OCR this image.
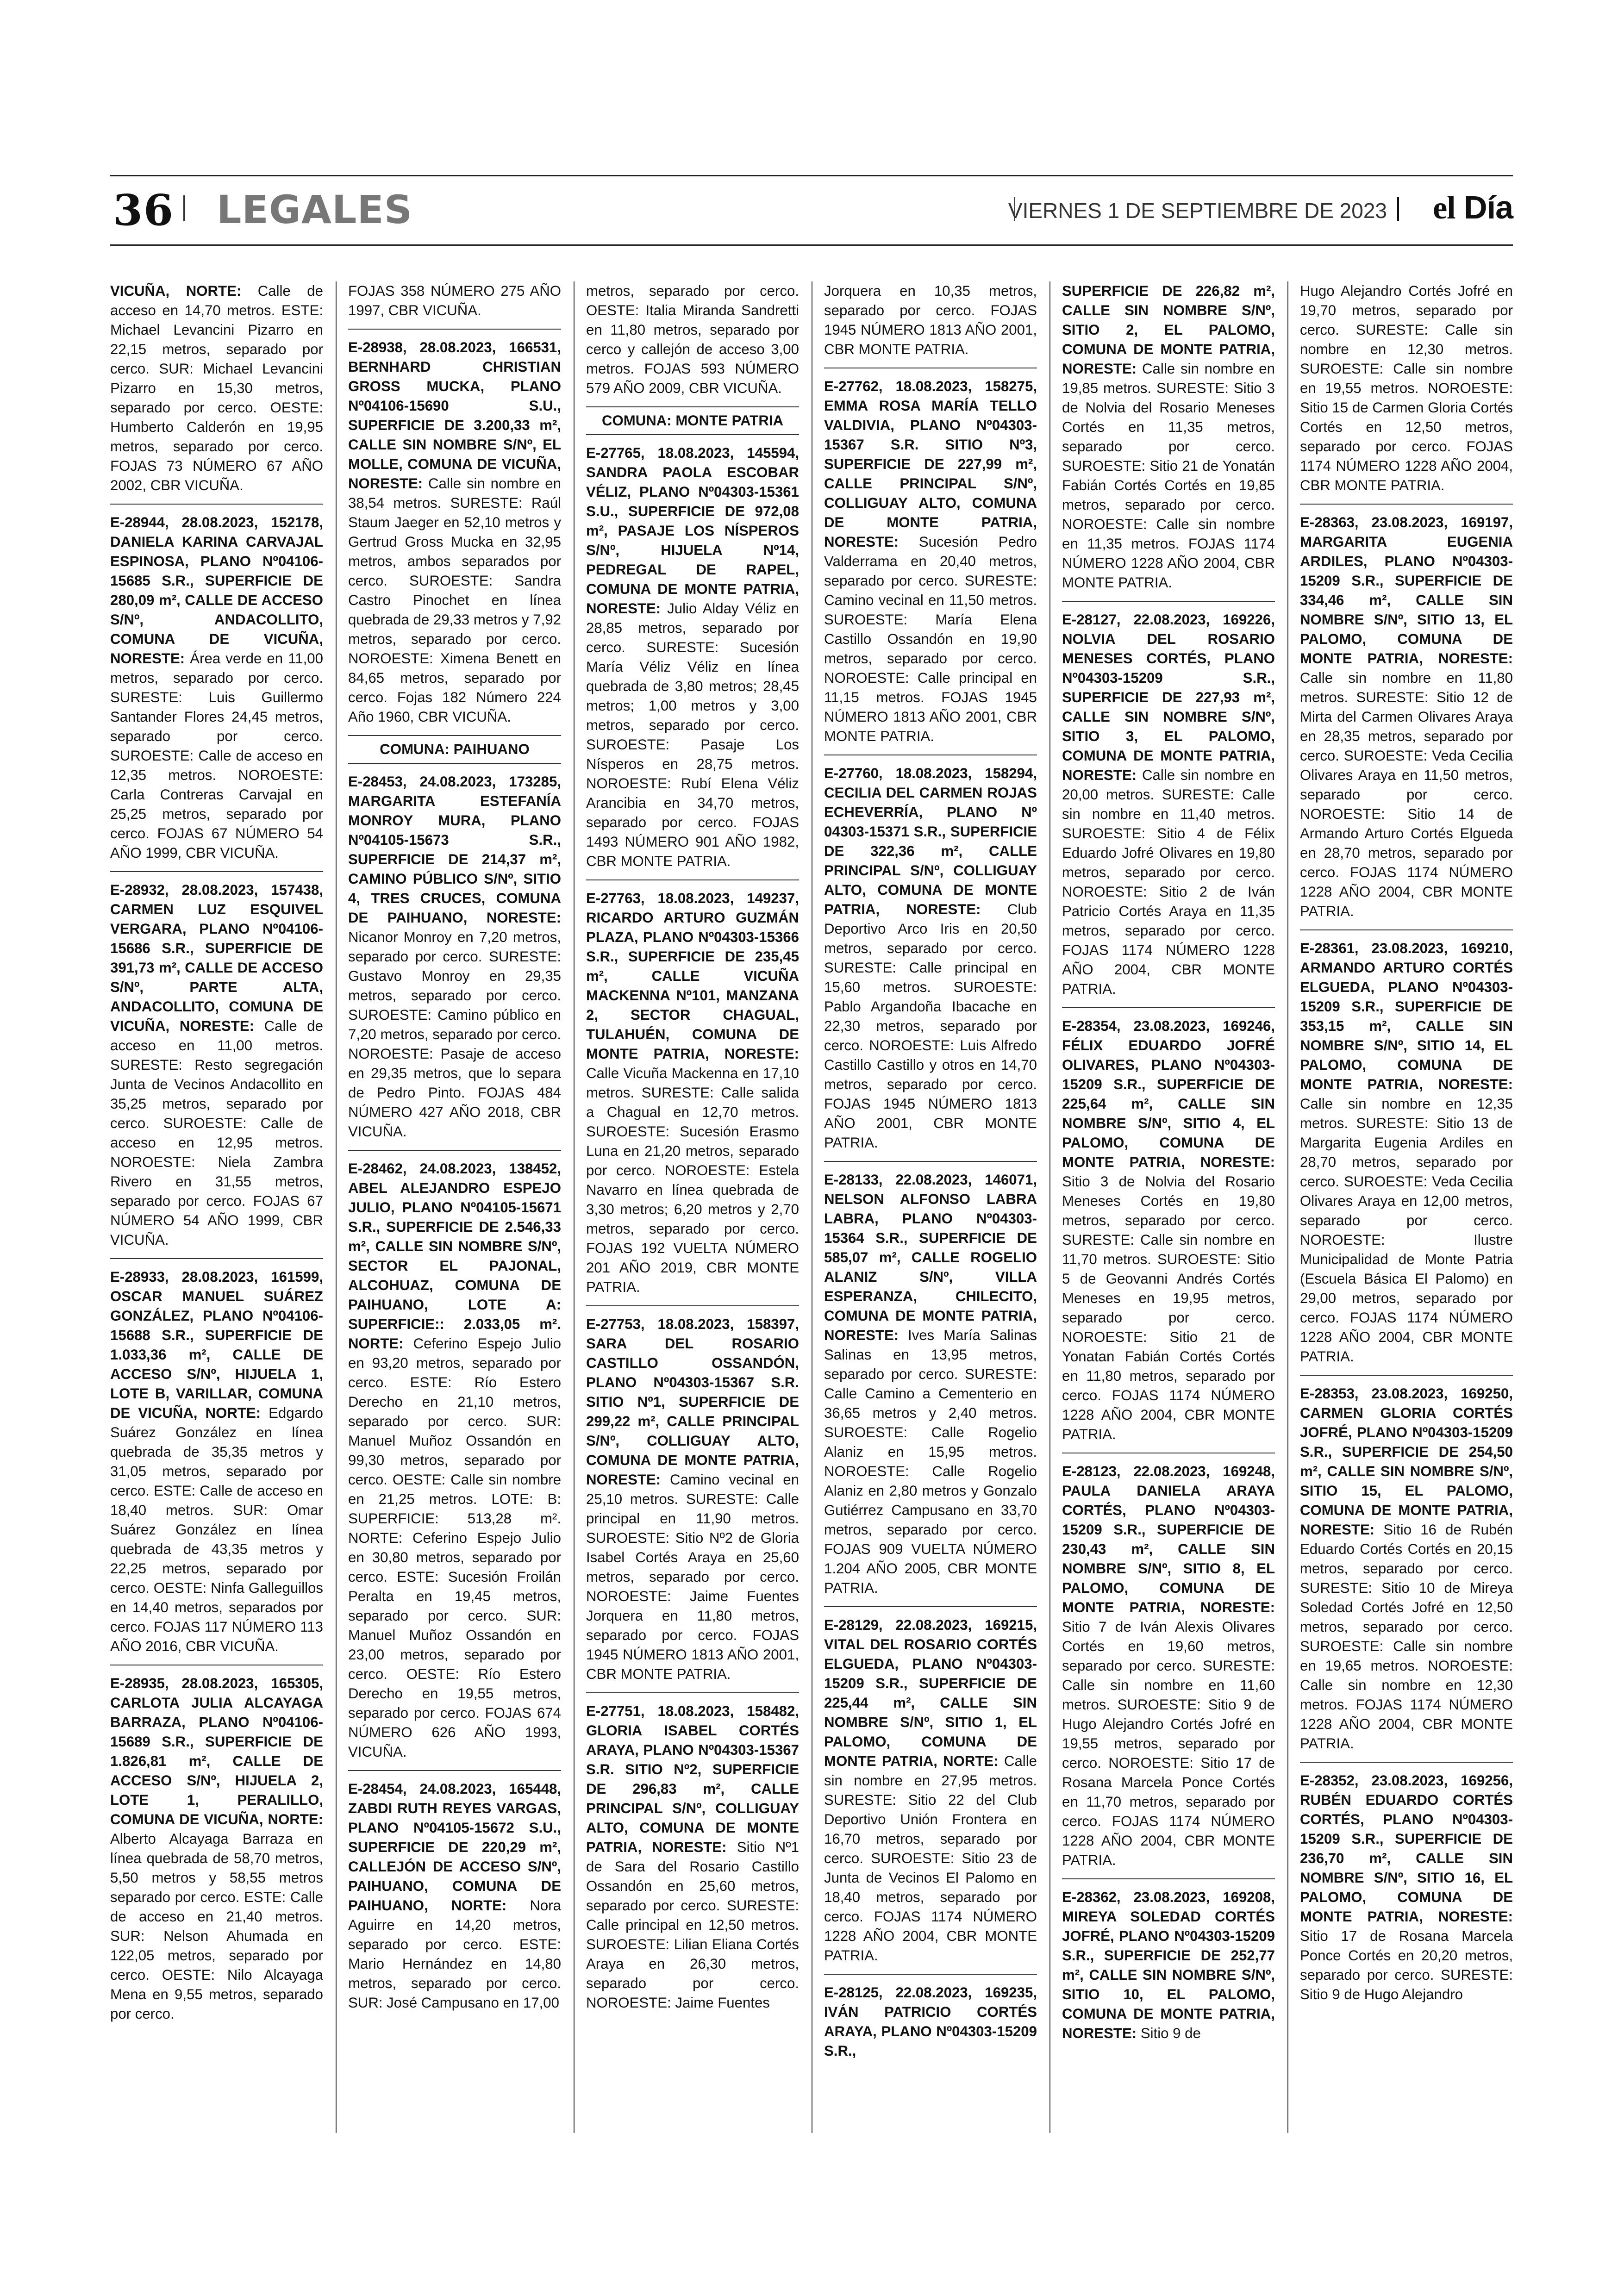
36 LEGALES	VIERNES 1 DE SEPTIEMBRE DE 2023 el Día

VICUÑA, NORTE: Calle de acceso en 14,70 metros. ESTE: Michael Levancini Pizarro en 22,15 metros, separado por cerco. SUR: Michael Levancini Pizarro en 15,30 metros, separado por cerco. OESTE: Humberto Calderón en 19,95 metros, separado por cerco. FOJAS 73 NÚMERO 67 AÑO 2002, CBR VICUÑA.

E-28944, 28.08.2023, 152178, DANIELA KARINA CARVAJAL ESPINOSA, PLANO Nº04106-15685 S.R., SUPERFICIE DE 280,09 m², CALLE DE ACCESO S/Nº, ANDACOLLITO, COMUNA DE VICUÑA, NORESTE: Área verde en 11,00 metros, separado por cerco. SURESTE: Luis Guillermo Santander Flores 24,45 metros, separado por cerco. SUROESTE: Calle de acceso en 12,35 metros. NOROESTE: Carla Contreras Carvajal en 25,25 metros, separado por cerco. FOJAS 67 NÚMERO 54 AÑO 1999, CBR VICUÑA.

E-28932, 28.08.2023, 157438, CARMEN LUZ ESQUIVEL VERGARA, PLANO Nº04106-15686 S.R., SUPERFICIE DE 391,73 m², CALLE DE ACCESO S/Nº, PARTE ALTA, ANDACOLLITO, COMUNA DE VICUÑA, NORESTE: Calle de acceso en 11,00 metros. SURESTE: Resto segregación Junta de Vecinos Andacollito en 35,25 metros, separado por cerco. SUROESTE: Calle de acceso en 12,95 metros. NOROESTE: Niela Zambra Rivero en 31,55 metros, separado por cerco. FOJAS 67 NÚMERO 54 AÑO 1999, CBR VICUÑA.

E-28933, 28.08.2023, 161599, OSCAR MANUEL SUÁREZ GONZÁLEZ, PLANO Nº04106-15688 S.R., SUPERFICIE DE 1.033,36 m², CALLE DE ACCESO S/Nº, HIJUELA 1, LOTE B, VARILLAR, COMUNA DE VICUÑA, NORTE: Edgardo Suárez González en línea quebrada de 35,35 metros y 31,05 metros, separado por cerco. ESTE: Calle de acceso en 18,40 metros. SUR: Omar Suárez González en línea quebrada de 43,35 metros y 22,25 metros, separado por cerco. OESTE: Ninfa Galleguillos en 14,40 metros, separados por cerco. FOJAS 117 NÚMERO 113 AÑO 2016, CBR VICUÑA.

E-28935, 28.08.2023, 165305, CARLOTA JULIA ALCAYAGA BARRAZA, PLANO Nº04106-15689 S.R., SUPERFICIE DE 1.826,81 m², CALLE DE ACCESO S/Nº, HIJUELA 2, LOTE 1, PERALILLO, COMUNA DE VICUÑA, NORTE: Alberto Alcayaga Barraza en línea quebrada de 58,70 metros, 5,50 metros y 58,55 metros separado por cerco. ESTE: Calle de acceso en 21,40 metros. SUR: Nelson Ahumada en 122,05 metros, separado por cerco. OESTE: Nilo Alcayaga Mena en 9,55 metros, separado por cerco.

FOJAS 358 NÚMERO 275 AÑO 1997, CBR VICUÑA.

E-28938, 28.08.2023, 166531, BERNHARD CHRISTIAN GROSS MUCKA, PLANO Nº04106-15690 S.U., SUPERFICIE DE 3.200,33 m², CALLE SIN NOMBRE S/Nº, EL MOLLE, COMUNA DE VICUÑA, NORESTE: Calle sin nombre en 38,54 metros. SURESTE: Raúl Staum Jaeger en 52,10 metros y Gertrud Gross Mucka en 32,95 metros, ambos separados por cerco. SUROESTE: Sandra Castro Pinochet en línea quebrada de 29,33 metros y 7,92 metros, separado por cerco. NOROESTE: Ximena Benett en 84,65 metros, separado por cerco. Fojas 182 Número 224 Año 1960, CBR VICUÑA.

COMUNA: PAIHUANO

E-28453, 24.08.2023, 173285, MARGARITA ESTEFANÍA MONROY MURA, PLANO Nº04105-15673 S.R., SUPERFICIE DE 214,37 m², CAMINO PÚBLICO S/Nº, SITIO 4, TRES CRUCES, COMUNA DE PAIHUANO, NORESTE: Nicanor Monroy en 7,20 metros, separado por cerco. SURESTE: Gustavo Monroy en 29,35 metros, separado por cerco. SUROESTE: Camino público en 7,20 metros, separado por cerco. NOROESTE: Pasaje de acceso en 29,35 metros, que lo separa de Pedro Pinto. FOJAS 484 NÚMERO 427 AÑO 2018, CBR VICUÑA.

E-28462, 24.08.2023, 138452, ABEL ALEJANDRO ESPEJO JULIO, PLANO Nº04105-15671 S.R., SUPERFICIE DE 2.546,33 m², CALLE SIN NOMBRE S/Nº, SECTOR EL PAJONAL, ALCOHUAZ, COMUNA DE PAIHUANO, LOTE A: SUPERFICIE:: 2.033,05 m². NORTE: Ceferino Espejo Julio en 93,20 metros, separado por cerco. ESTE: Río Estero Derecho en 21,10 metros, separado por cerco. SUR: Manuel Muñoz Ossandón en 99,30 metros, separado por cerco. OESTE: Calle sin nombre en 21,25 metros. LOTE: B: SUPERFICIE: 513,28 m². NORTE: Ceferino Espejo Julio en 30,80 metros, separado por cerco. ESTE: Sucesión Froilán Peralta en 19,45 metros, separado por cerco. SUR: Manuel Muñoz Ossandón en 23,00 metros, separado por cerco. OESTE: Río Estero Derecho en 19,55 metros, separado por cerco. FOJAS 674 NÚMERO 626 AÑO 1993, VICUÑA.

E-28454, 24.08.2023, 165448, ZABDI RUTH REYES VARGAS, PLANO Nº04105-15672 S.U., SUPERFICIE DE 220,29 m², CALLEJÓN DE ACCESO S/Nº, PAIHUANO, COMUNA DE PAIHUANO, NORTE: Nora Aguirre en 14,20 metros, separado por cerco. ESTE: Mario Hernández en 14,80 metros, separado por cerco. SUR: José Campusano en 17,00

metros, separado por cerco. OESTE: Italia Miranda Sandretti en 11,80 metros, separado por cerco y callejón de acceso 3,00 metros. FOJAS 593 NÚMERO 579 AÑO 2009, CBR VICUÑA.

COMUNA: MONTE PATRIA

E-27765, 18.08.2023, 145594, SANDRA PAOLA ESCOBAR VÉLIZ, PLANO Nº04303-15361 S.U., SUPERFICIE DE 972,08 m², PASAJE LOS NÍSPEROS S/Nº, HIJUELA Nº14, PEDREGAL DE RAPEL, COMUNA DE MONTE PATRIA, NORESTE: Julio Alday Véliz en 28,85 metros, separado por cerco. SURESTE: Sucesión María Véliz Véliz en línea quebrada de 3,80 metros; 28,45 metros; 1,00 metros y 3,00 metros, separado por cerco. SUROESTE: Pasaje Los Nísperos en 28,75 metros. NOROESTE: Rubí Elena Véliz Arancibia en 34,70 metros, separado por cerco. FOJAS 1493 NÚMERO 901 AÑO 1982, CBR MONTE PATRIA.

E-27763, 18.08.2023, 149237, RICARDO ARTURO GUZMÁN PLAZA, PLANO Nº04303-15366 S.R., SUPERFICIE DE 235,45 m², CALLE VICUÑA MACKENNA Nº101, MANZANA 2, SECTOR CHAGUAL, TULAHUÉN, COMUNA DE MONTE PATRIA, NORESTE: Calle Vicuña Mackenna en 17,10 metros. SURESTE: Calle salida a Chagual en 12,70 metros. SUROESTE: Sucesión Erasmo Luna en 21,20 metros, separado por cerco. NOROESTE: Estela Navarro en línea quebrada de 3,30 metros; 6,20 metros y 2,70 metros, separado por cerco. FOJAS 192 VUELTA NÚMERO 201 AÑO 2019, CBR MONTE PATRIA.

E-27753, 18.08.2023, 158397, SARA DEL ROSARIO CASTILLO OSSANDÓN, PLANO Nº04303-15367 S.R. SITIO Nº1, SUPERFICIE DE 299,22 m², CALLE PRINCIPAL S/Nº, COLLIGUAY ALTO, COMUNA DE MONTE PATRIA, NORESTE: Camino vecinal en 25,10 metros. SURESTE: Calle principal en 11,90 metros. SUROESTE: Sitio Nº2 de Gloria Isabel Cortés Araya en 25,60 metros, separado por cerco. NOROESTE: Jaime Fuentes Jorquera en 11,80 metros, separado por cerco. FOJAS 1945 NÚMERO 1813 AÑO 2001, CBR MONTE PATRIA.

E-27751, 18.08.2023, 158482, GLORIA ISABEL CORTÉS ARAYA, PLANO Nº04303-15367 S.R. SITIO Nº2, SUPERFICIE DE 296,83 m², CALLE PRINCIPAL S/Nº, COLLIGUAY ALTO, COMUNA DE MONTE PATRIA, NORESTE: Sitio Nº1 de Sara del Rosario Castillo Ossandón en 25,60 metros, separado por cerco. SURESTE: Calle principal en 12,50 metros. SUROESTE: Lilian Eliana Cortés Araya en 26,30 metros, separado por cerco. NOROESTE: Jaime Fuentes

Jorquera en 10,35 metros, separado por cerco. FOJAS 1945 NÚMERO 1813 AÑO 2001, CBR MONTE PATRIA.

E-27762, 18.08.2023, 158275, EMMA ROSA MARÍA TELLO VALDIVIA, PLANO Nº04303-15367 S.R. SITIO Nº3, SUPERFICIE DE 227,99 m², CALLE PRINCIPAL S/Nº, COLLIGUAY ALTO, COMUNA DE MONTE PATRIA, NORESTE: Sucesión Pedro Valderrama en 20,40 metros, separado por cerco. SURESTE: Camino vecinal en 11,50 metros. SUROESTE: María Elena Castillo Ossandón en 19,90 metros, separado por cerco. NOROESTE: Calle principal en 11,15 metros. FOJAS 1945 NÚMERO 1813 AÑO 2001, CBR MONTE PATRIA.

E-27760, 18.08.2023, 158294, CECILIA DEL CARMEN ROJAS ECHEVERRÍA, PLANO Nº 04303-15371 S.R., SUPERFICIE DE 322,36 m², CALLE PRINCIPAL S/Nº, COLLIGUAY ALTO, COMUNA DE MONTE PATRIA, NORESTE: Club Deportivo Arco Iris en 20,50 metros, separado por cerco. SURESTE: Calle principal en 15,60 metros. SUROESTE: Pablo Argandoña Ibacache en 22,30 metros, separado por cerco. NOROESTE: Luis Alfredo Castillo Castillo y otros en 14,70 metros, separado por cerco. FOJAS 1945 NÚMERO 1813 AÑO 2001, CBR MONTE PATRIA.

E-28133, 22.08.2023, 146071, NELSON ALFONSO LABRA LABRA, PLANO Nº04303-15364 S.R., SUPERFICIE DE 585,07 m², CALLE ROGELIO ALANIZ S/Nº, VILLA ESPERANZA, CHILECITO, COMUNA DE MONTE PATRIA, NORESTE: Ives María Salinas Salinas en 13,95 metros, separado por cerco. SURESTE: Calle Camino a Cementerio en 36,65 metros y 2,40 metros. SUROESTE: Calle Rogelio Alaniz en 15,95 metros. NOROESTE: Calle Rogelio Alaniz en 2,80 metros y Gonzalo Gutiérrez Campusano en 33,70 metros, separado por cerco. FOJAS 909 VUELTA NÚMERO 1.204 AÑO 2005, CBR MONTE PATRIA.

E-28129, 22.08.2023, 169215, VITAL DEL ROSARIO CORTÉS ELGUEDA, PLANO Nº04303-15209 S.R., SUPERFICIE DE 225,44 m², CALLE SIN NOMBRE S/Nº, SITIO 1, EL PALOMO, COMUNA DE MONTE PATRIA, NORTE: Calle sin nombre en 27,95 metros. SURESTE: Sitio 22 del Club Deportivo Unión Frontera en 16,70 metros, separado por cerco. SUROESTE: Sitio 23 de Junta de Vecinos El Palomo en 18,40 metros, separado por cerco. FOJAS 1174 NÚMERO 1228 AÑO 2004, CBR MONTE PATRIA.

E-28125, 22.08.2023, 169235, IVÁN PATRICIO CORTÉS ARAYA, PLANO Nº04303-15209 S.R.,

SUPERFICIE DE 226,82 m², CALLE SIN NOMBRE S/Nº, SITIO 2, EL PALOMO, COMUNA DE MONTE PATRIA, NORESTE: Calle sin nombre en 19,85 metros. SURESTE: Sitio 3 de Nolvia del Rosario Meneses Cortés en 11,35 metros, separado por cerco. SUROESTE: Sitio 21 de Yonatán Fabián Cortés Cortés en 19,85 metros, separado por cerco. NOROESTE: Calle sin nombre en 11,35 metros. FOJAS 1174 NÚMERO 1228 AÑO 2004, CBR MONTE PATRIA.

E-28127, 22.08.2023, 169226, NOLVIA DEL ROSARIO MENESES CORTÉS, PLANO Nº04303-15209 S.R., SUPERFICIE DE 227,93 m², CALLE SIN NOMBRE S/Nº, SITIO 3, EL PALOMO, COMUNA DE MONTE PATRIA, NORESTE: Calle sin nombre en 20,00 metros. SURESTE: Calle sin nombre en 11,40 metros. SUROESTE: Sitio 4 de Félix Eduardo Jofré Olivares en 19,80 metros, separado por cerco. NOROESTE: Sitio 2 de Iván Patricio Cortés Araya en 11,35 metros, separado por cerco. FOJAS 1174 NÚMERO 1228 AÑO 2004, CBR MONTE PATRIA.

E-28354, 23.08.2023, 169246, FÉLIX EDUARDO JOFRÉ OLIVARES, PLANO Nº04303-15209 S.R., SUPERFICIE DE 225,64 m², CALLE SIN NOMBRE S/Nº, SITIO 4, EL PALOMO, COMUNA DE MONTE PATRIA, NORESTE: Sitio 3 de Nolvia del Rosario Meneses Cortés en 19,80 metros, separado por cerco. SURESTE: Calle sin nombre en 11,70 metros. SUROESTE: Sitio 5 de Geovanni Andrés Cortés Meneses en 19,95 metros, separado por cerco. NOROESTE: Sitio 21 de Yonatan Fabián Cortés Cortés en 11,80 metros, separado por cerco. FOJAS 1174 NÚMERO 1228 AÑO 2004, CBR MONTE PATRIA.

E-28123, 22.08.2023, 169248, PAULA DANIELA ARAYA CORTÉS, PLANO Nº04303-15209 S.R., SUPERFICIE DE 230,43 m², CALLE SIN NOMBRE S/Nº, SITIO 8, EL PALOMO, COMUNA DE MONTE PATRIA, NORESTE: Sitio 7 de Iván Alexis Olivares Cortés en 19,60 metros, separado por cerco. SURESTE: Calle sin nombre en 11,60 metros. SUROESTE: Sitio 9 de Hugo Alejandro Cortés Jofré en 19,55 metros, separado por cerco. NOROESTE: Sitio 17 de Rosana Marcela Ponce Cortés en 11,70 metros, separado por cerco. FOJAS 1174 NÚMERO 1228 AÑO 2004, CBR MONTE PATRIA.

E-28362, 23.08.2023, 169208, MIREYA SOLEDAD CORTÉS JOFRÉ, PLANO Nº04303-15209 S.R., SUPERFICIE DE 252,77 m², CALLE SIN NOMBRE S/Nº, SITIO 10, EL PALOMO, COMUNA DE MONTE PATRIA, NORESTE: Sitio 9 de

Hugo Alejandro Cortés Jofré en 19,70 metros, separado por cerco. SURESTE: Calle sin nombre en 12,30 metros. SUROESTE: Calle sin nombre en 19,55 metros. NOROESTE: Sitio 15 de Carmen Gloria Cortés Cortés en 12,50 metros, separado por cerco. FOJAS 1174 NÚMERO 1228 AÑO 2004, CBR MONTE PATRIA.

E-28363, 23.08.2023, 169197, MARGARITA EUGENIA ARDILES, PLANO Nº04303-15209 S.R., SUPERFICIE DE 334,46 m², CALLE SIN NOMBRE S/Nº, SITIO 13, EL PALOMO, COMUNA DE MONTE PATRIA, NORESTE: Calle sin nombre en 11,80 metros. SURESTE: Sitio 12 de Mirta del Carmen Olivares Araya en 28,35 metros, separado por cerco. SUROESTE: Veda Cecilia Olivares Araya en 11,50 metros, separado por cerco. NOROESTE: Sitio 14 de Armando Arturo Cortés Elgueda en 28,70 metros, separado por cerco. FOJAS 1174 NÚMERO 1228 AÑO 2004, CBR MONTE PATRIA.

E-28361, 23.08.2023, 169210, ARMANDO ARTURO CORTÉS ELGUEDA, PLANO Nº04303-15209 S.R., SUPERFICIE DE 353,15 m², CALLE SIN NOMBRE S/Nº, SITIO 14, EL PALOMO, COMUNA DE MONTE PATRIA, NORESTE: Calle sin nombre en 12,35 metros. SURESTE: Sitio 13 de Margarita Eugenia Ardiles en 28,70 metros, separado por cerco. SUROESTE: Veda Cecilia Olivares Araya en 12,00 metros, separado por cerco. NOROESTE: Ilustre Municipalidad de Monte Patria (Escuela Básica El Palomo) en 29,00 metros, separado por cerco. FOJAS 1174 NÚMERO 1228 AÑO 2004, CBR MONTE PATRIA.

E-28353, 23.08.2023, 169250, CARMEN GLORIA CORTÉS JOFRÉ, PLANO Nº04303-15209 S.R., SUPERFICIE DE 254,50 m², CALLE SIN NOMBRE S/Nº, SITIO 15, EL PALOMO, COMUNA DE MONTE PATRIA, NORESTE: Sitio 16 de Rubén Eduardo Cortés Cortés en 20,15 metros, separado por cerco. SURESTE: Sitio 10 de Mireya Soledad Cortés Jofré en 12,50 metros, separado por cerco. SUROESTE: Calle sin nombre en 19,65 metros. NOROESTE: Calle sin nombre en 12,30 metros. FOJAS 1174 NÚMERO 1228 AÑO 2004, CBR MONTE PATRIA.

E-28352, 23.08.2023, 169256, RUBÉN EDUARDO CORTÉS CORTÉS, PLANO Nº04303-15209 S.R., SUPERFICIE DE 236,70 m², CALLE SIN NOMBRE S/Nº, SITIO 16, EL PALOMO, COMUNA DE MONTE PATRIA, NORESTE: Sitio 17 de Rosana Marcela Ponce Cortés en 20,20 metros, separado por cerco. SURESTE: Sitio 9 de Hugo Alejandro
